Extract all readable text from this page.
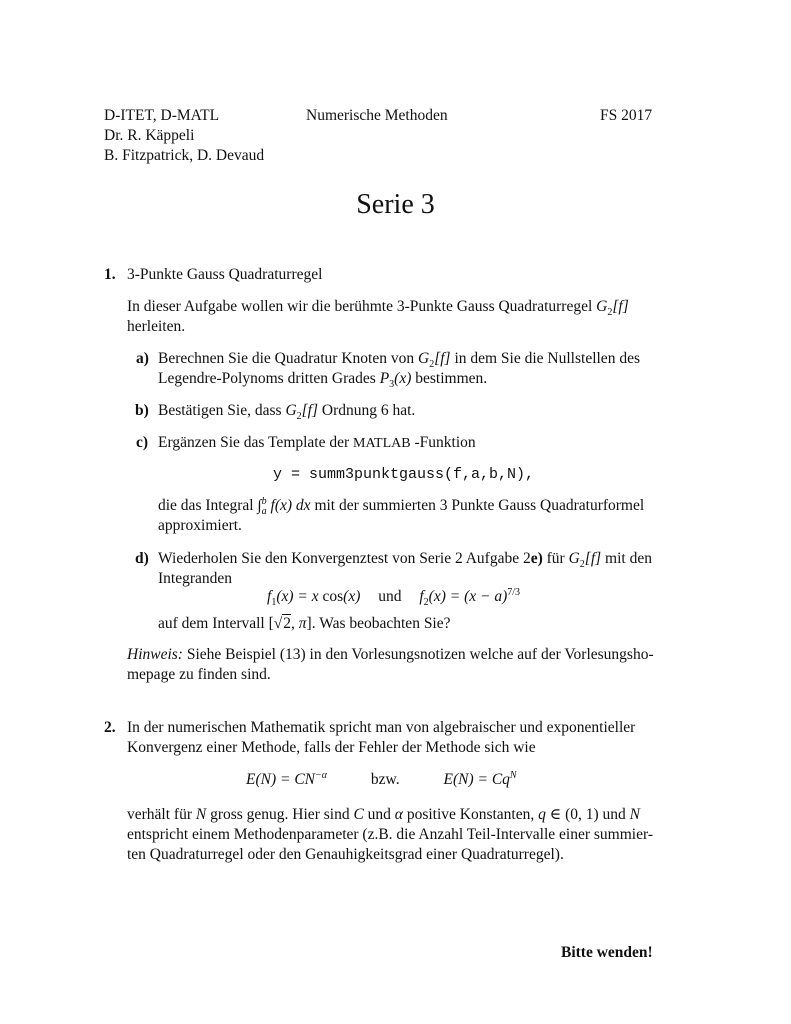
D-ITET, D-MATL
Dr. R. Käppeli
B. Fitzpatrick, D. Devaud
Numerische Methoden	FS 2017
Serie 3
1. 3-Punkte Gauss Quadraturregel
In dieser Aufgabe wollen wir die berühmte 3-Punkte Gauss Quadraturregel $G_2[f]$
herleiten.
a) Berechnen Sie die Quadratur Knoten von $G_2[f]$ in dem Sie die Nullstellen des
Legendre-Polynoms dritten Grades $P_3(x)$ bestimmen.
b) Bestätigen Sie, dass $G_2[f]$ Ordnung 6 hat.
c) Ergänzen Sie das Template der MATLAB -Funktion
y = summ3punktgauss(f,a,b,N),
die das Integral ∫$^b_a$ f(x) dx mit der summierten 3 Punkte Gauss Quadraturformel
approximiert.
d) Wiederholen Sie den Konvergenztest von Serie 2 Aufgabe 2e) für $G_2[f]$ mit den
Integranden
$f_1(x) = x$ cos(x) und $f_2(x) = (x - a)^{7/3}$
auf dem Intervall [√2, π]. Was beobachten Sie?
Hinweis: Siehe Beispiel (13) in den Vorlesungsnotizen welche auf der Vorlesungsho-
mepage zu finden sind.
2. In der numerischen Mathematik spricht man von algebraischer und exponentieller
Konvergenz einer Methode, falls der Fehler der Methode sich wie
$E(N) = CN^{-\alpha}$	bzw.	$E(N) = Cq^N$
verhält für N gross genug. Hier sind C und α positive Konstanten, q ∈ (0, 1) und N
entspricht einem Methodenparameter (z.B. die Anzahl Teil-Intervalle einer summier-
ten Quadraturregel oder den Genauhigkeitsgrad einer Quadraturregel).
Bitte wenden!
